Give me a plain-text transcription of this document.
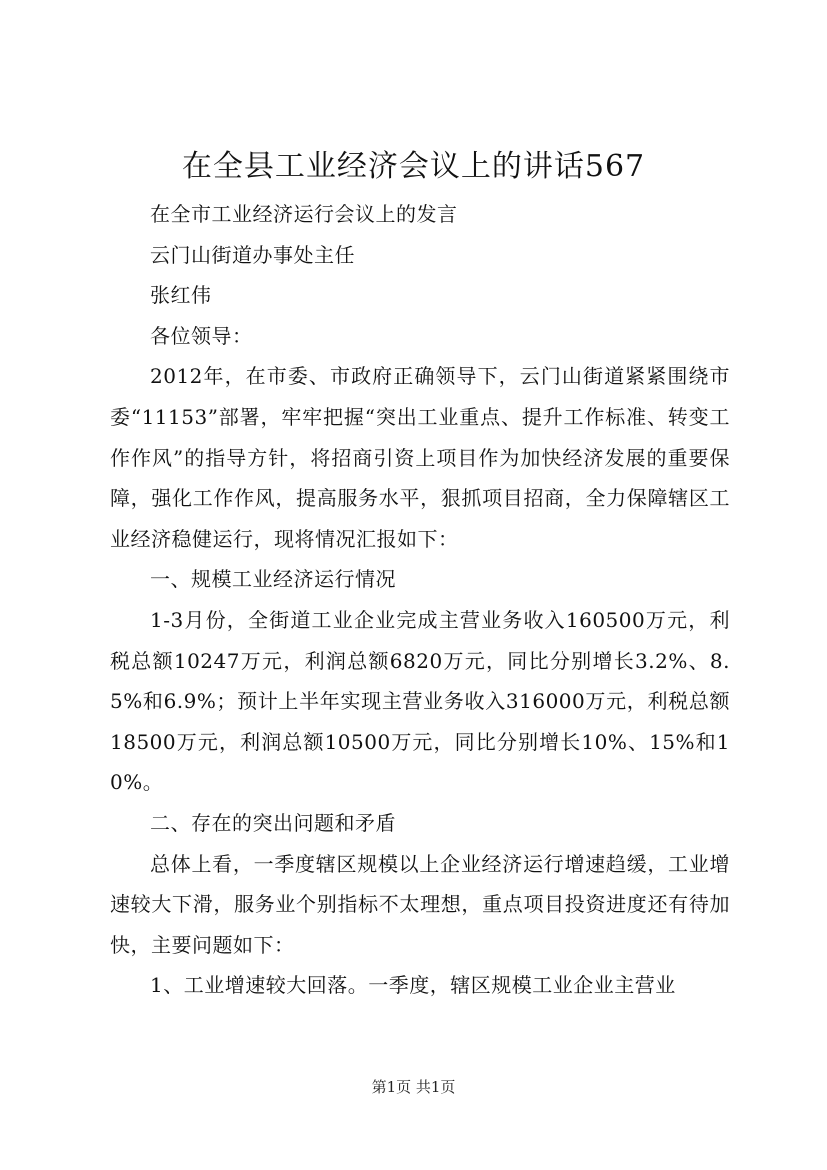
在全县工业经济会议上的讲话567

在全市工业经济运行会议上的发言

云门山街道办事处主任

张红伟

各位领导：

2012年，在市委、市政府正确领导下，云门山街道紧紧围绕市委“11153”部署，牢牢把握“突出工业重点、提升工作标准、转变工作作风”的指导方针，将招商引资上项目作为加快经济发展的重要保障，强化工作作风，提高服务水平，狠抓项目招商，全力保障辖区工业经济稳健运行，现将情况汇报如下：

一、规模工业经济运行情况

1-3月份，全街道工业企业完成主营业务收入160500万元，利税总额10247万元，利润总额6820万元，同比分别增长3.2%、8.5%和6.9%；预计上半年实现主营业务收入316000万元，利税总额18500万元，利润总额10500万元，同比分别增长10%、15%和10%。

二、存在的突出问题和矛盾

总体上看，一季度辖区规模以上企业经济运行增速趋缓，工业增速较大下滑，服务业个别指标不太理想，重点项目投资进度还有待加快，主要问题如下：

1、工业增速较大回落。一季度，辖区规模工业企业主营业

第1页 共1页
